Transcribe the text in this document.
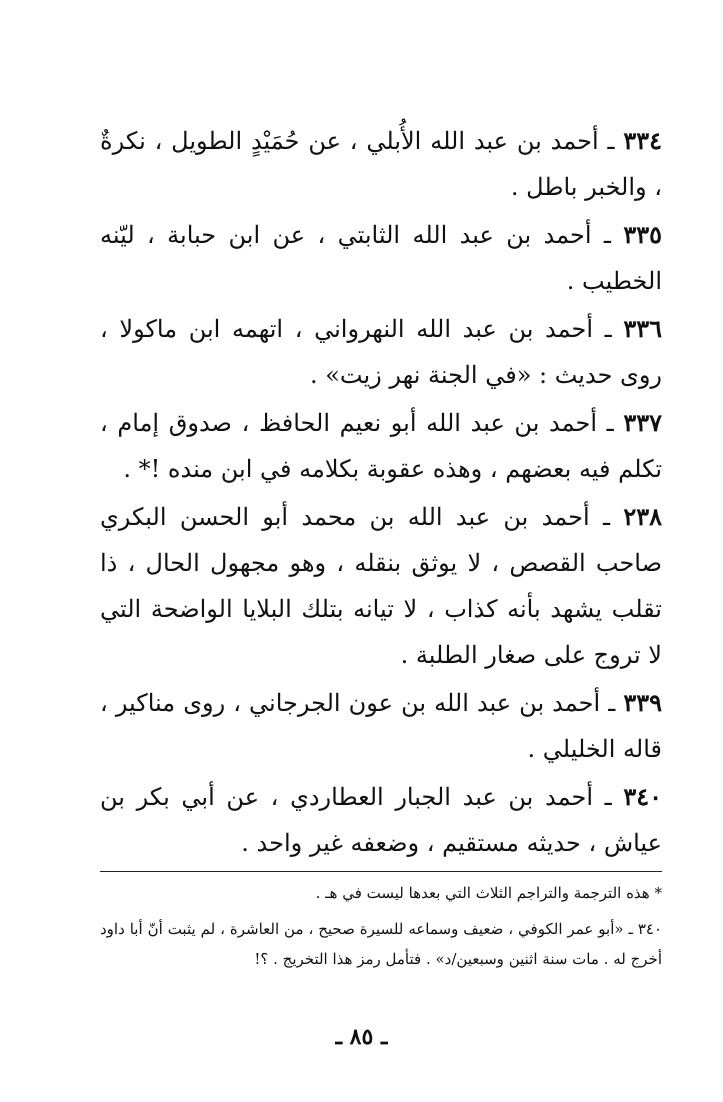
٣٣٤ ـ أحمد بن عبد الله الأُبلي ، عن حُمَيْدٍ الطويل ، نكرةٌ ، والخبر باطل .

٣٣٥ ـ أحمد بن عبد الله الثابتي ، عن ابن حبابة ، ليّنه الخطيب .

٣٣٦ ـ أحمد بن عبد الله النهرواني ، اتهمه ابن ماكولا ، روى حديث : «في الجنة نهر زيت» .

٣٣٧ ـ أحمد بن عبد الله أبو نعيم الحافظ ، صدوق إمام ، تكلم فيه بعضهم ، وهذه عقوبة بكلامه في ابن منده !* .

٢٣٨ ـ أحمد بن عبد الله بن محمد أبو الحسن البكري صاحب القصص ، لا يوثق بنقله ، وهو مجهول الحال ، ذا تقلب يشهد بأنه كذاب ، لا تيانه بتلك البلايا الواضحة التي لا تروج على صغار الطلبة .

٣٣٩ ـ أحمد بن عبد الله بن عون الجرجاني ، روى مناكير ، قاله الخليلي .

٣٤٠ ـ أحمد بن عبد الجبار العطاردي ، عن أبي بكر بن عياش ، حديثه مستقيم ، وضعفه غير واحد .

* هذه الترجمة والتراجم الثلاث التي بعدها ليست في هـ .

٣٤٠ ـ «أبو عمر الكوفي ، ضعيف وسماعه للسيرة صحيح ، من العاشرة ، لم يثبت أنّ أبا داود أخرج له . مات سنة اثنين وسبعين/د» . فتأمل رمز هذا التخريج . ؟!

ـ ٨٥ ـ
